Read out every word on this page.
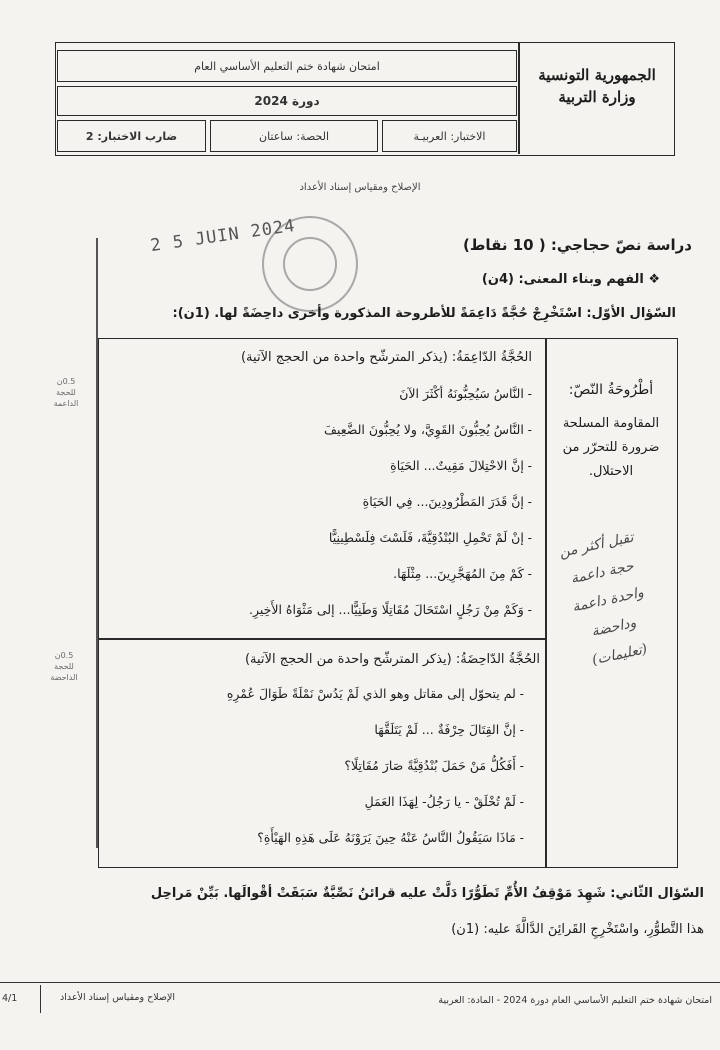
الجمهورية التونسية
وزارة التربية
امتحان شهادة ختم التعليم الأساسي العام
دورة 2024
الاختبار: العربيـة
الحصة: ساعتان
ضارب الاختبار: 2
الإصلاح ومقياس إسناد الأعداد
2 5 JUIN 2024	دراسة نصّ حجاجي: ( 10 نقاط)
❖ الفهم وبناء المعنى: (4ن)
السّؤال الأوّل: اسْتَخْرِجْ حُجَّةً دَاعِمَةً للأطروحة المذكورة وأخرى داحِضَةً لها. (1ن):
أطْرُوحَةُ النّصّ:
المقاومة المسلحة
ضرورة للتحرّر من
الاحتلال.
الحُجَّةُ الدّاعِمَةُ: (يذكر المترشّح واحدة من الحجج الآتية)
- النَّاسُ سَيُحِبُّونَهُ أكْثَرَ الآنَ
- النَّاسُ يُحِبُّونَ القَوِيَّ، ولا يُحِبُّونَ الضَّعِيفَ
- إنَّ الاحْتِلالَ مَقِيتٌ... الحَيَاةِ
- إنَّ قَدَرَ المَطْرُودِينَ... فِي الحَيَاةِ
- إنْ لَمْ تَحْمِلِ البُنْدُقِيَّةَ، فَلَسْتَ فِلَسْطِينِيًّا
- كَمْ مِنَ المُهَجَّرِينَ... مِثْلَهَا.
- وَكَمْ مِنْ رَجُلٍ اسْتَحَالَ مُقَاتِلًا وَطَنِيًّا... إلى مَثْوَاهُ الأَخِيرِ.
الحُجَّةُ الدّاحِضَةُ: (يذكر المترشّح واحدة من الحجج الآتية)
- لم يتحوّل إلى مقاتل وهو الذي لَمْ يَدُسْ نَمْلَةً طَوَالَ عُمْرِهِ
- إنَّ القِتَالَ حِرْفَةٌ ... لَمْ يَتَلَقَّهَا
- أَفَكُلُّ مَنْ حَمَلَ بُنْدُقِيَّةً صَارَ مُقَاتِلًا؟
- لَمْ تُخْلَقْ - يا رَجُلُ- لِهَذَا العَمَلِ
- مَاذَا سَيَقُولُ النَّاسُ عَنْهُ حِينَ يَرَوْنَهُ عَلَى هَذِهِ الهَيْأَةِ؟
تقبل أكثر من
حجة داعمة
واحدة داعمة
وداحضة
(تعليمات)
0.5ن
للحجة
الداعمة
0.5ن
للحجة
الداحضة
السّؤال الثّاني: شَهِدَ مَوْقِفُ الأُمِّ تَطَوُّرًا دَلَّتْ عليه قرائنُ نَصِّيَّةٌ سَبَقَتْ أقْوالَها. بَيِّنْ مَراحِل
هذا التَّطوُّرِ، واسْتَخْرِجِ القَرائِنَ الدَّالَّةَ عليه: (1ن)
امتحان شهادة ختم التعليم الأساسي العام دورة 2024 - المادة: العربية
الإصلاح ومقياس إسناد الأعداد
4/1
